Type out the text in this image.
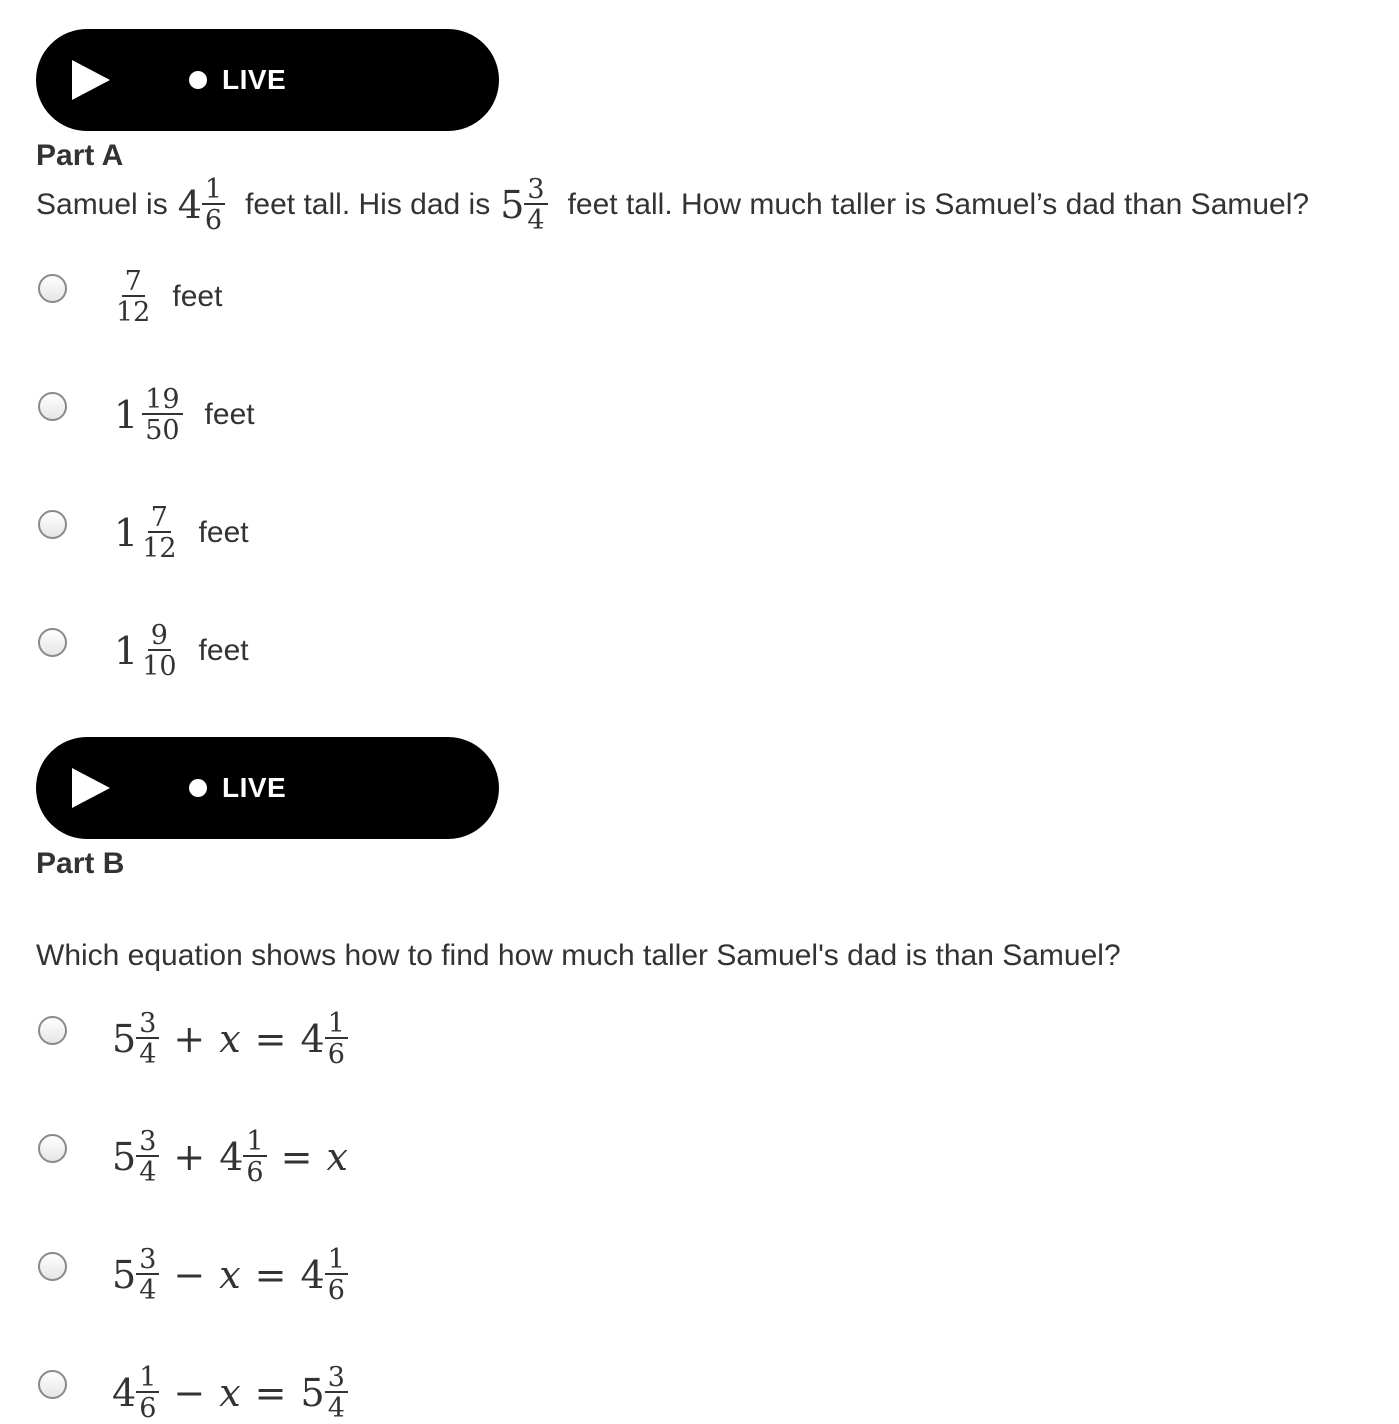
LIVE
Part A
Samuel is $4 \frac{1}{6}$ feet tall. His dad is $5 \frac{3}{4}$ feet tall. How much taller is Samuel’s dad than Samuel?
$\frac{7}{12}$ feet
$1 \frac{19}{50}$ feet
$1 \frac{7}{12}$ feet
$1 \frac{9}{10}$ feet
LIVE
Part B
Which equation shows how to find how much taller Samuel's dad is than Samuel?
$5 \frac{3}{4} + x = 4 \frac{1}{6}$
$5 \frac{3}{4} + 4 \frac{1}{6} = x$
$5 \frac{3}{4} - x = 4 \frac{1}{6}$
$4 \frac{1}{6} - x = 5 \frac{3}{4}$
